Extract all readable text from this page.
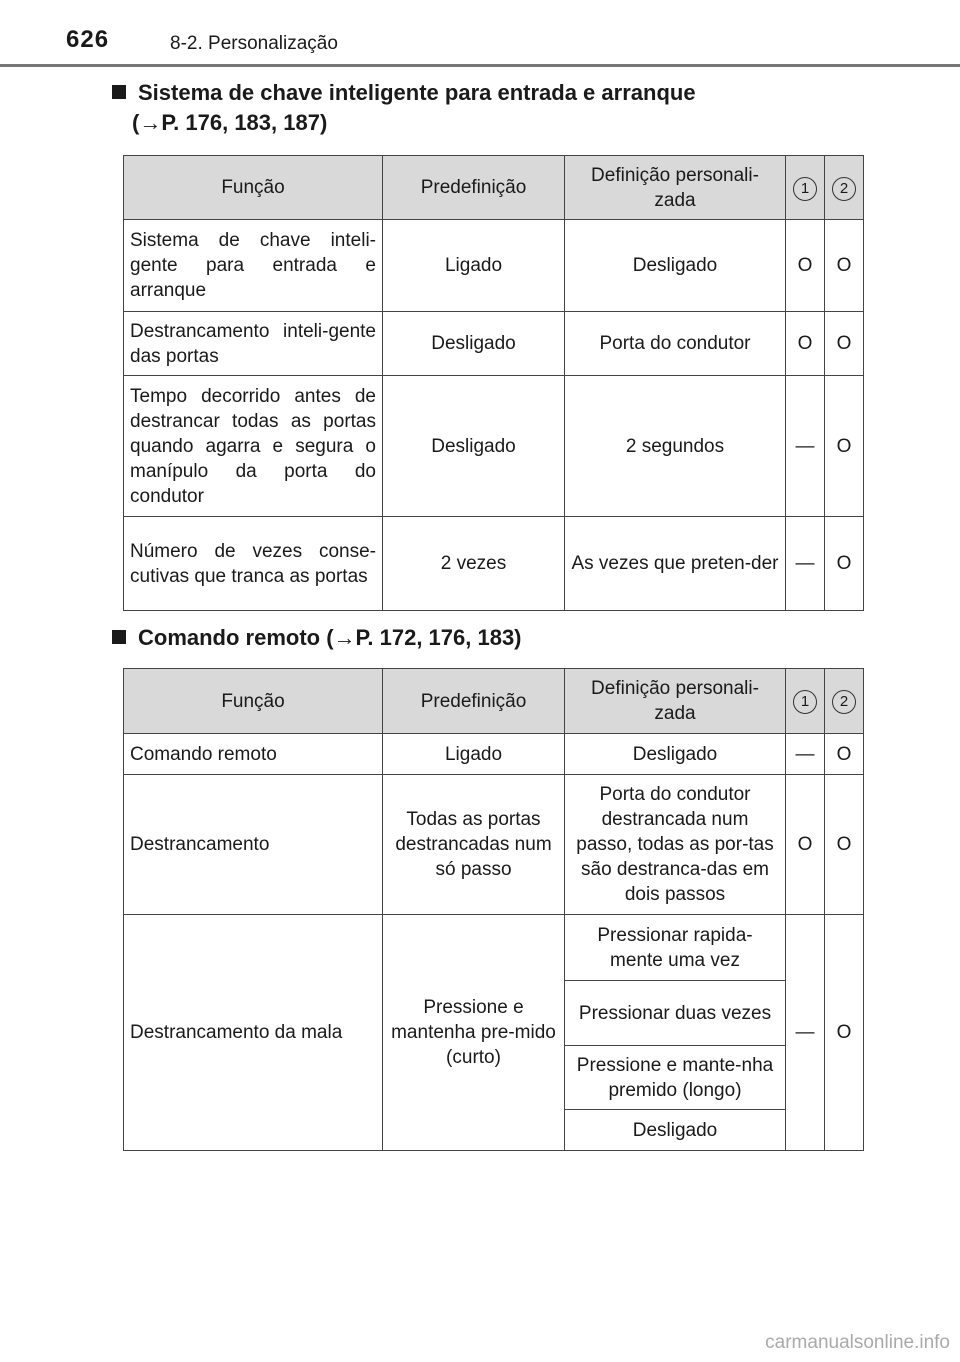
626	8-2. Personalização
Sistema de chave inteligente para entrada e arranque
(→P. 176, 183, 187)
Função	Predefinição	Definição personali-zada	1	2
Sistema de chave inteli-gente para entrada e arranque	Ligado	Desligado	O	O
Destrancamento inteli-gente das portas	Desligado	Porta do condutor	O	O
Tempo decorrido antes de destrancar todas as portas quando agarra e segura o manípulo da porta do condutor	Desligado	2 segundos	—	O
Número de vezes conse-cutivas que tranca as portas	2 vezes	As vezes que preten-der	—	O
Comando remoto (→P. 172, 176, 183)
Função	Predefinição	Definição personali-zada	1	2
Comando remoto	Ligado	Desligado	—	O
Destrancamento	Todas as portas destrancadas num só passo	Porta do condutor destrancada num passo, todas as por-tas são destranca-das em dois passos	O	O
Destrancamento da mala	Pressione e mantenha pre-mido (curto)	Pressionar rapida-mente uma vez	—	O
		Pressionar duas vezes		
		Pressione e mante-nha premido (longo)		
		Desligado		
carmanualsonline.info
